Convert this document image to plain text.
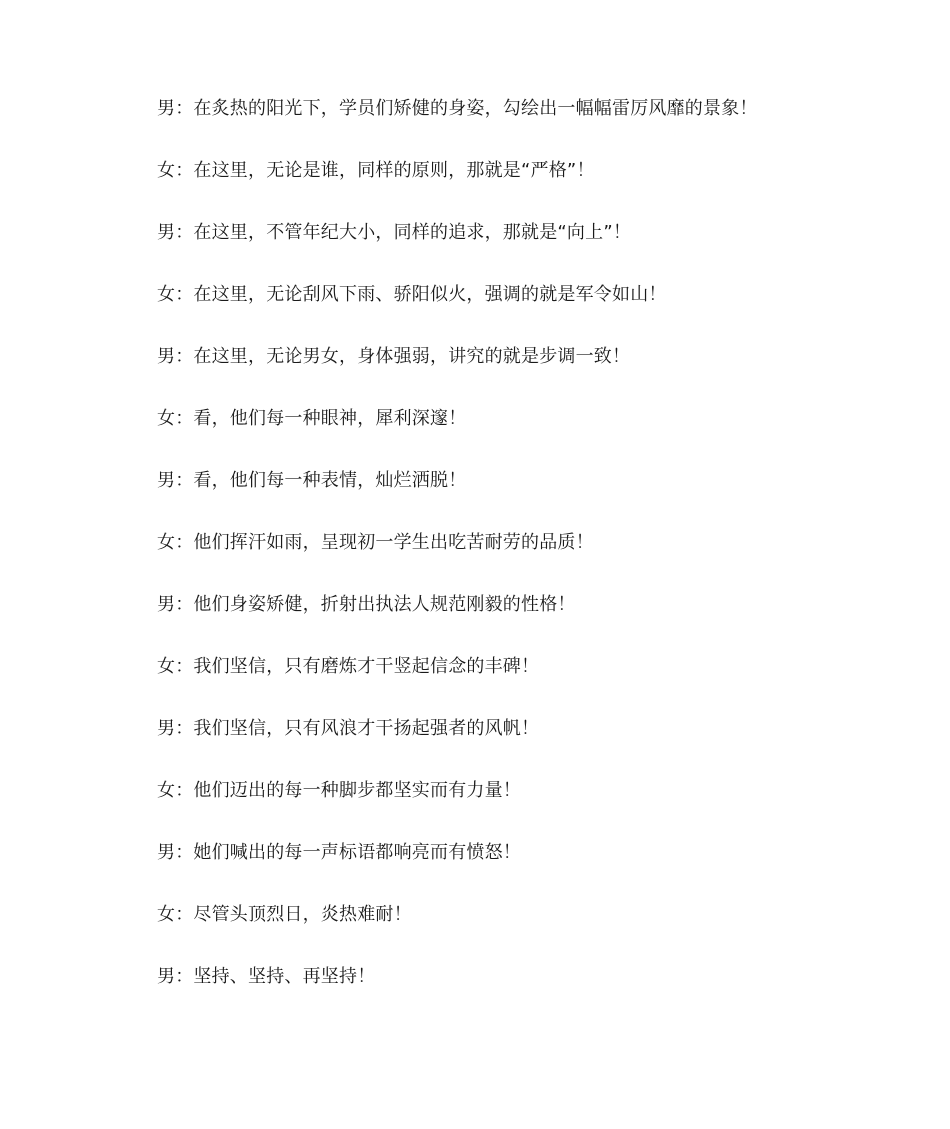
男：在炙热的阳光下，学员们矫健的身姿，勾绘出一幅幅雷厉风靡的景象！
女：在这里，无论是谁，同样的原则，那就是“严格”！
男：在这里，不管年纪大小，同样的追求，那就是“向上”！
女：在这里，无论刮风下雨、骄阳似火，强调的就是军令如山！
男：在这里，无论男女，身体强弱，讲究的就是步调一致！
女：看，他们每一种眼神，犀利深邃！
男：看，他们每一种表情，灿烂洒脱！
女：他们挥汗如雨，呈现初一学生出吃苦耐劳的品质！
男：他们身姿矫健，折射出执法人规范刚毅的性格！
女：我们坚信，只有磨炼才干竖起信念的丰碑！
男：我们坚信，只有风浪才干扬起强者的风帆！
女：他们迈出的每一种脚步都坚实而有力量！
男：她们喊出的每一声标语都响亮而有愤怒！
女：尽管头顶烈日，炎热难耐！
男：坚持、坚持、再坚持！
